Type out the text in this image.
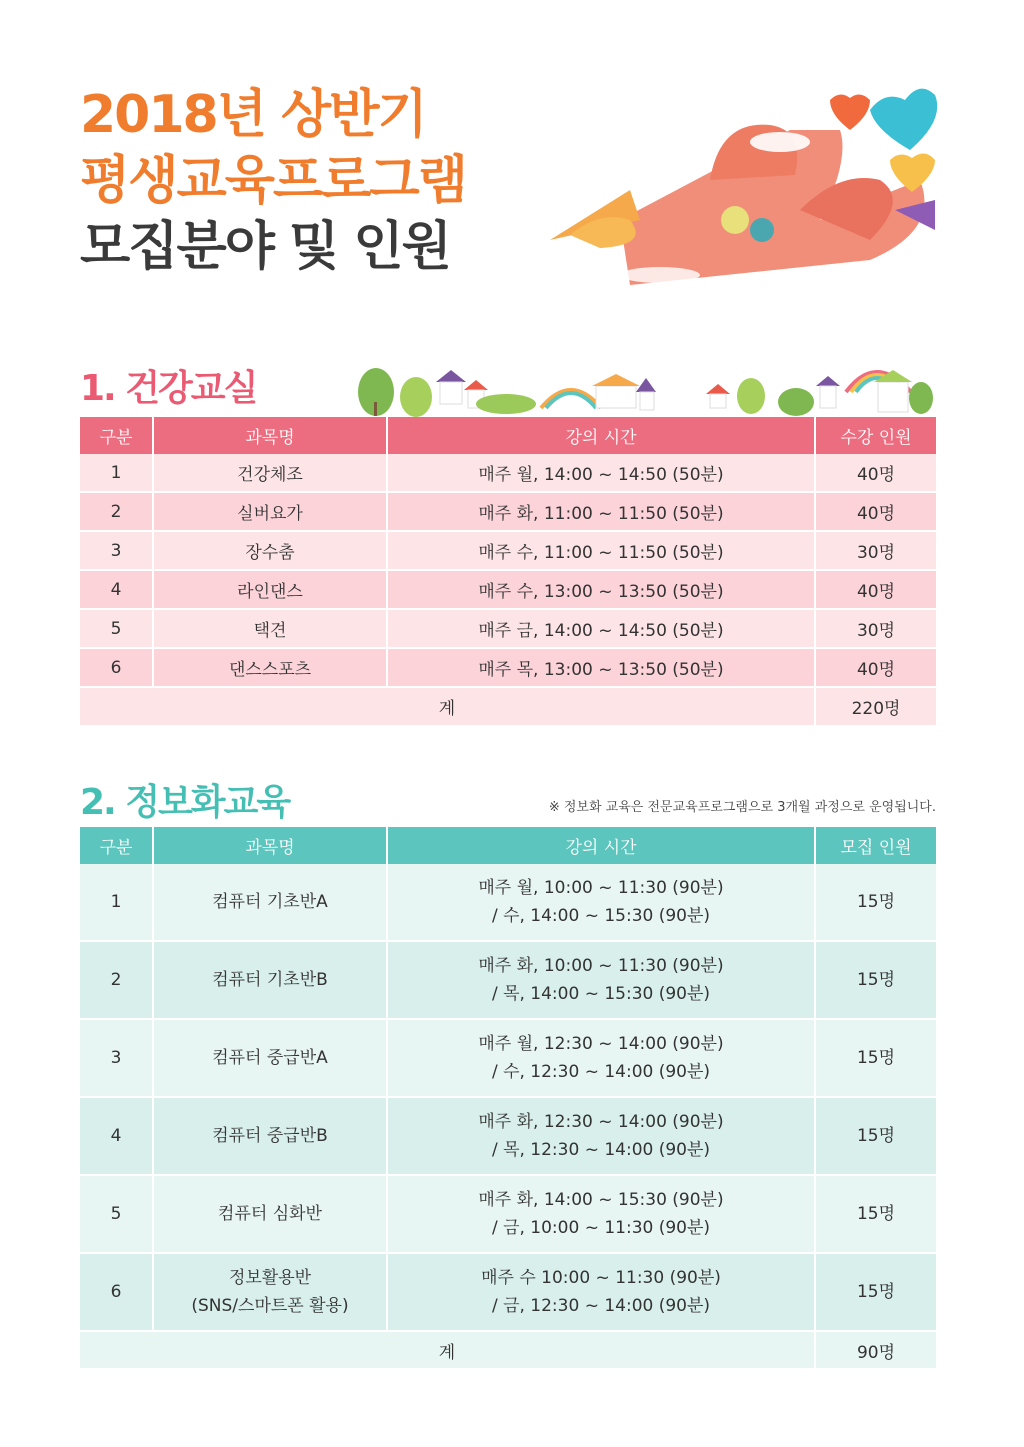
2018년 상반기
평생교육프로그램
모집분야 및 인원
1. 건강교실
구분	과목명	강의 시간	수강 인원
1	건강체조	매주 월, 14:00 ~ 14:50 (50분)	40명
2	실버요가	매주 화, 11:00 ~ 11:50 (50분)	40명
3	장수춤	매주 수, 11:00 ~ 11:50 (50분)	30명
4	라인댄스	매주 수, 13:00 ~ 13:50 (50분)	40명
5	택견	매주 금, 14:00 ~ 14:50 (50분)	30명
6	댄스스포츠	매주 목, 13:00 ~ 13:50 (50분)	40명
계			220명
2. 정보화교육	※ 정보화 교육은 전문교육프로그램으로 3개월 과정으로 운영됩니다.
구분	과목명	강의 시간	모집 인원
1	컴퓨터 기초반A	매주 월, 10:00 ~ 11:30 (90분)
/ 수, 14:00 ~ 15:30 (90분)	15명
2	컴퓨터 기초반B	매주 화, 10:00 ~ 11:30 (90분)
/ 목, 14:00 ~ 15:30 (90분)	15명
3	컴퓨터 중급반A	매주 월, 12:30 ~ 14:00 (90분)
/ 수, 12:30 ~ 14:00 (90분)	15명
4	컴퓨터 중급반B	매주 화, 12:30 ~ 14:00 (90분)
/ 목, 12:30 ~ 14:00 (90분)	15명
5	컴퓨터 심화반	매주 화, 14:00 ~ 15:30 (90분)
/ 금, 10:00 ~ 11:30 (90분)	15명
6	정보활용반
(SNS/스마트폰 활용)	매주 수 10:00 ~ 11:30 (90분)
/ 금, 12:30 ~ 14:00 (90분)	15명
계			90명
